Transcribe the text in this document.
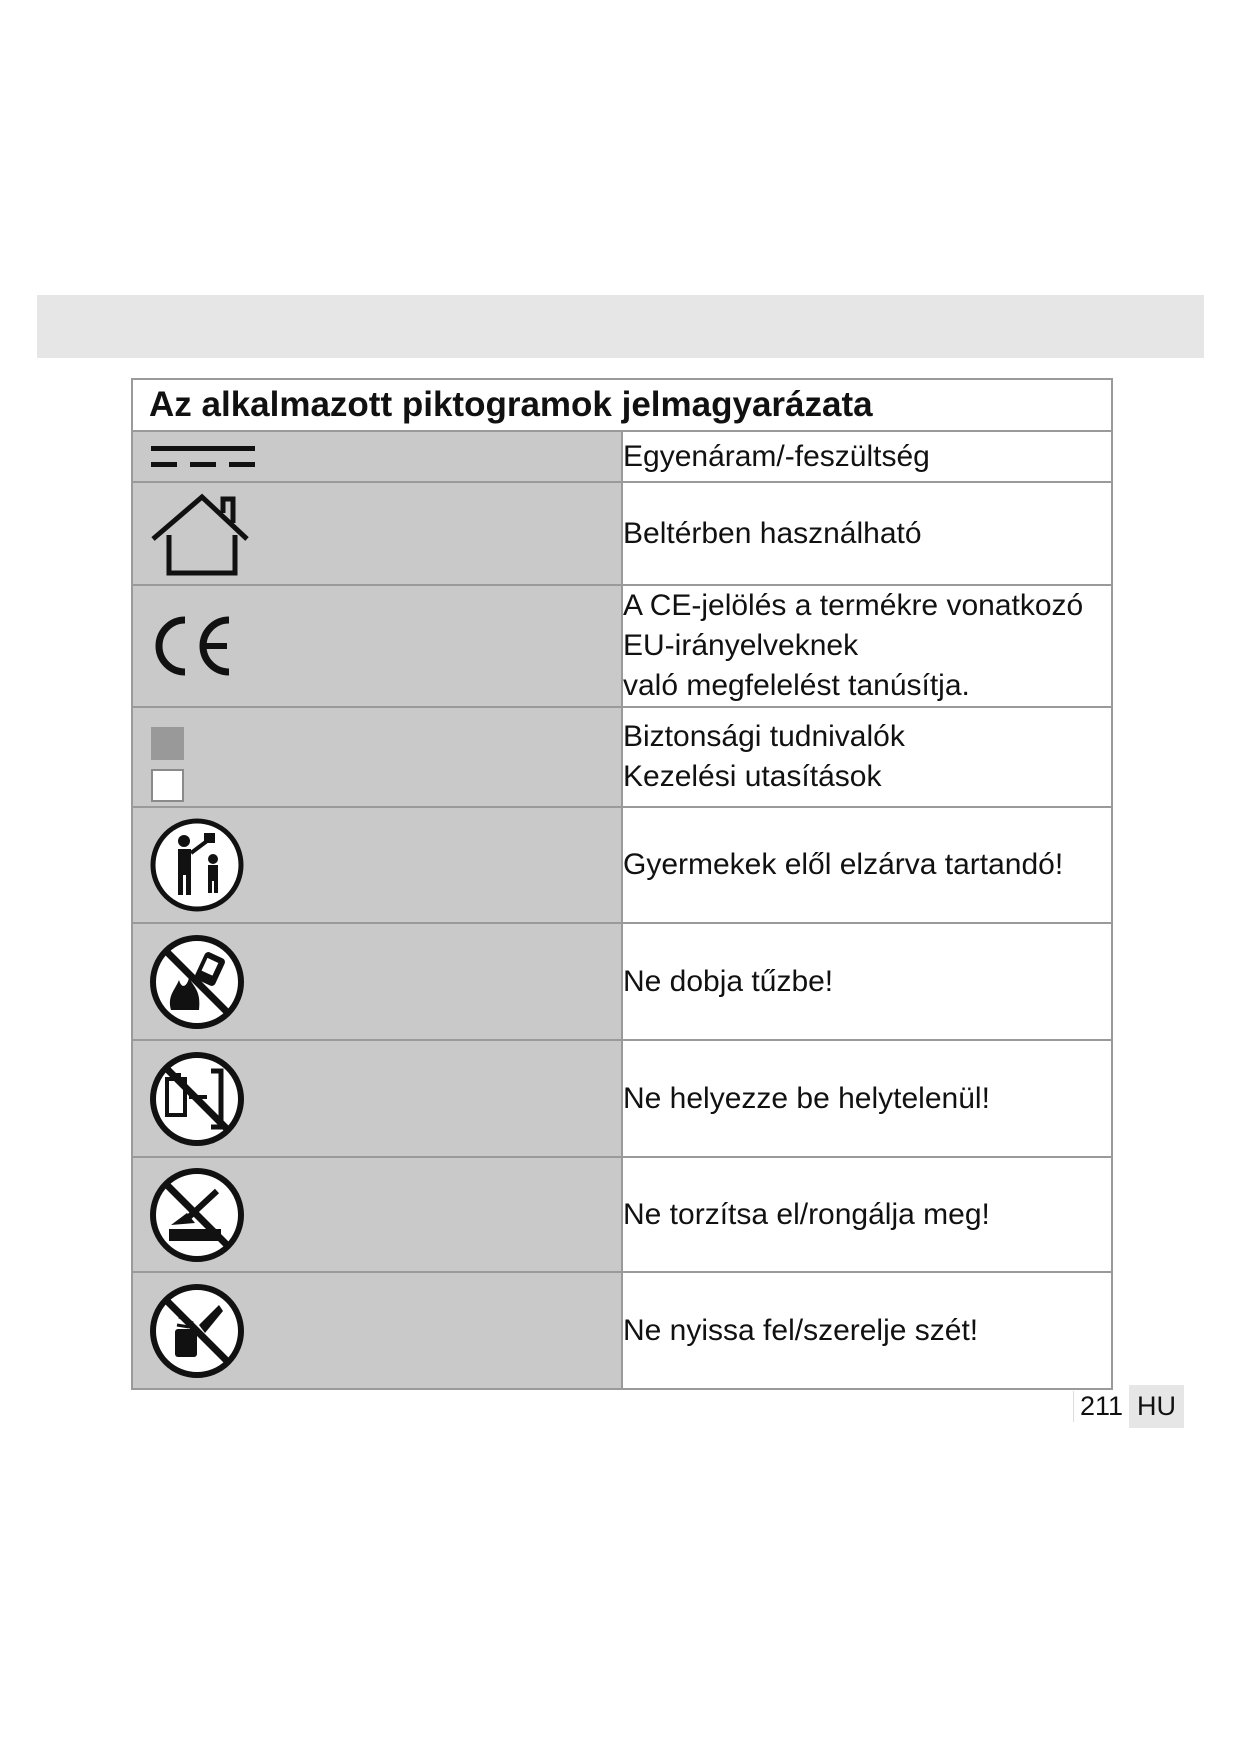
Az alkalmazott piktogramok jelmagyarázata	

Egyenáram/-feszültség

Beltérben használható

A CE-jelölés a termékre vonatkozó EU-irányelveknek
való megfelelést tanúsítja.

Biztonsági tudnivalók
Kezelési utasítások

Gyermekek elől elzárva tartandó!

Ne dobja tűzbe!

Ne helyezze be helytelenül!

Ne torzítsa el/rongálja meg!

Ne nyissa fel/szerelje szét!
211 HU
